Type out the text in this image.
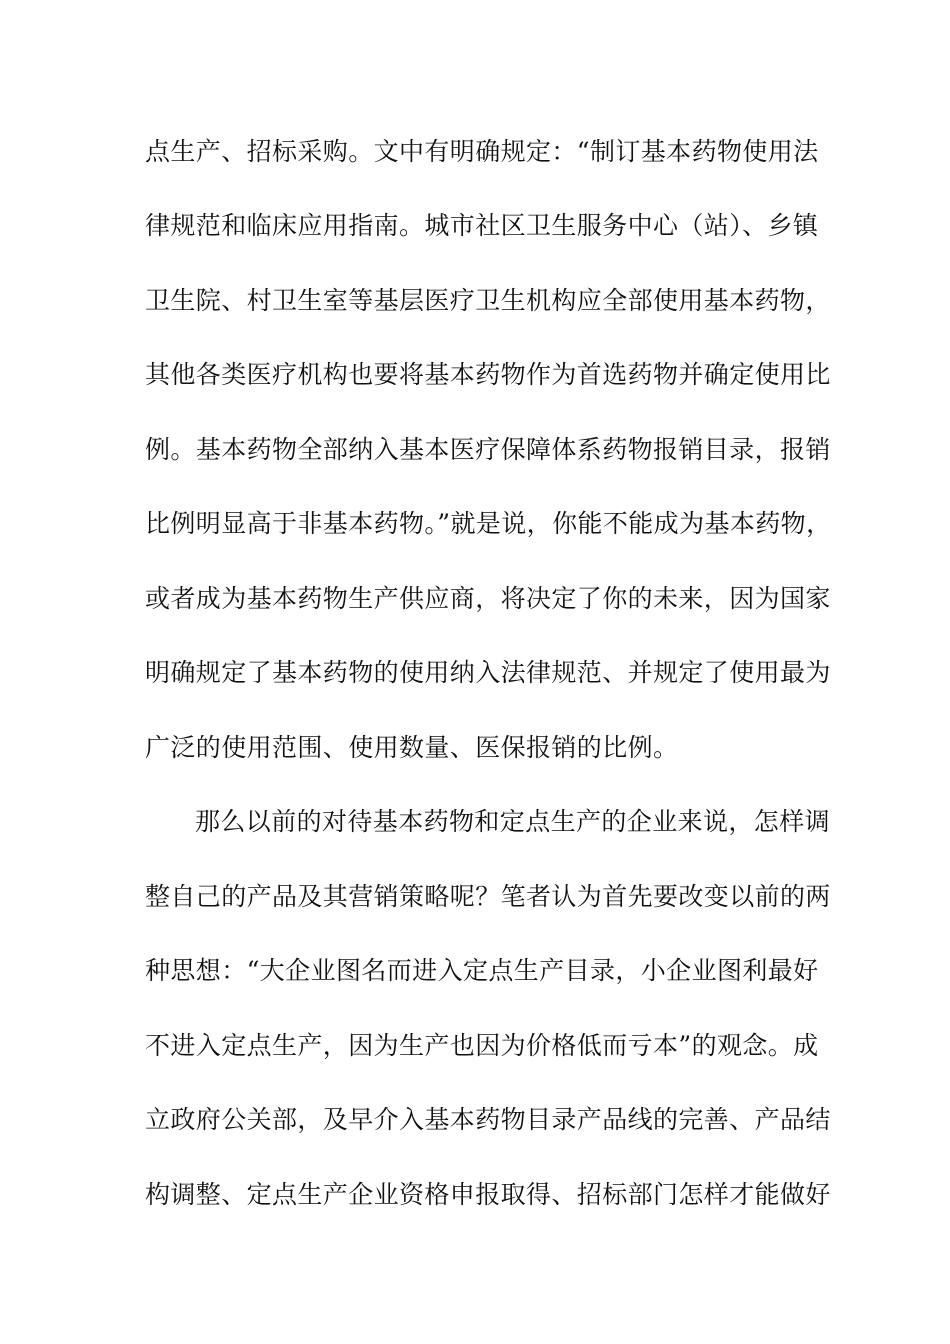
点生产、招标采购。文中有明确规定：“制订基本药物使用法
律规范和临床应用指南。城市社区卫生服务中心（站）、乡镇
卫生院、村卫生室等基层医疗卫生机构应全部使用基本药物，
其他各类医疗机构也要将基本药物作为首选药物并确定使用比
例。基本药物全部纳入基本医疗保障体系药物报销目录，报销
比例明显高于非基本药物。”就是说，你能不能成为基本药物，
或者成为基本药物生产供应商，将决定了你的未来，因为国家
明确规定了基本药物的使用纳入法律规范、并规定了使用最为
广泛的使用范围、使用数量、医保报销的比例。
那么以前的对待基本药物和定点生产的企业来说，怎样调
整自己的产品及其营销策略呢？笔者认为首先要改变以前的两
种思想：“大企业图名而进入定点生产目录，小企业图利最好
不进入定点生产，因为生产也因为价格低而亏本”的观念。成
立政府公关部，及早介入基本药物目录产品线的完善、产品结
构调整、定点生产企业资格申报取得、招标部门怎样才能做好
